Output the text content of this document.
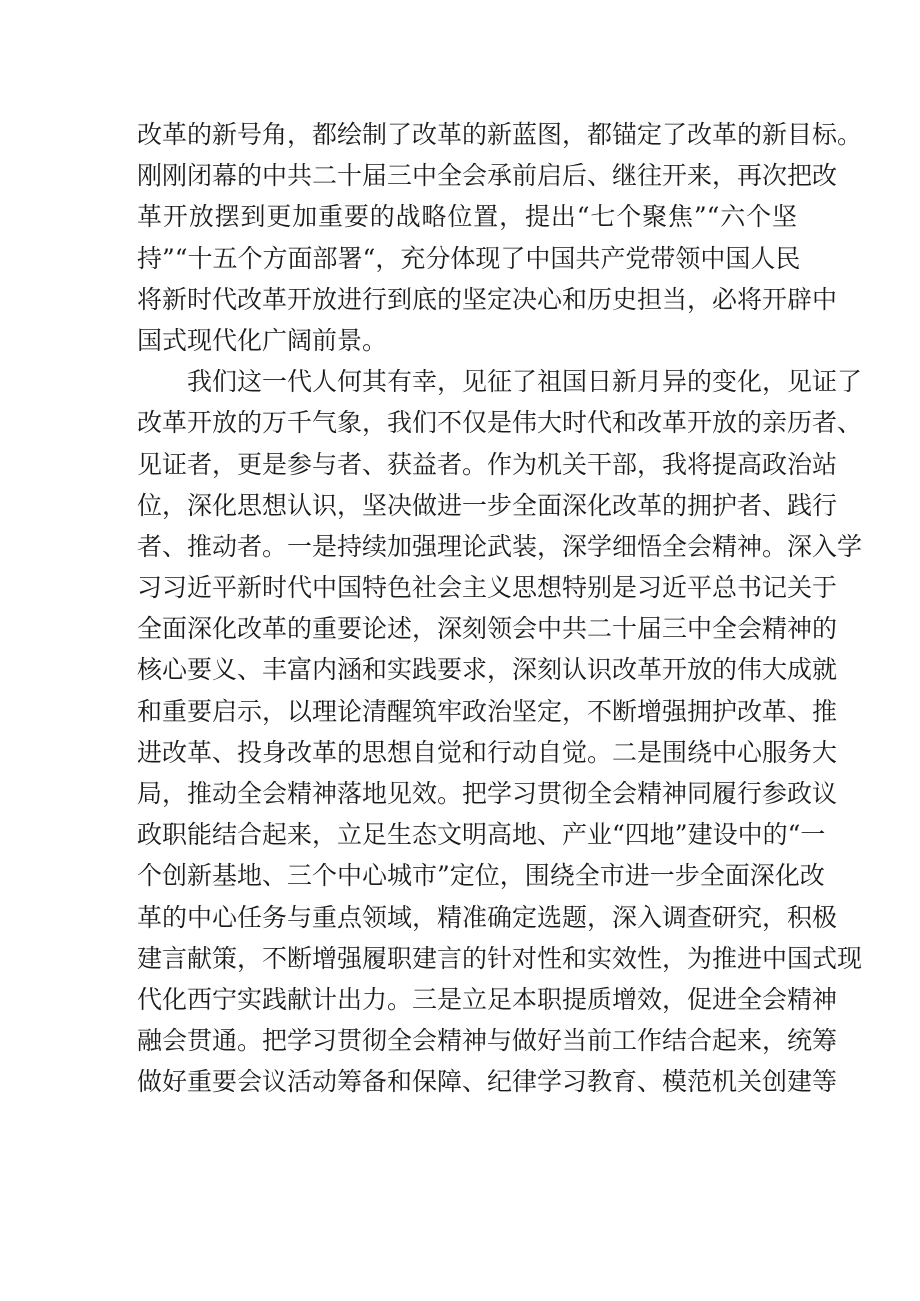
改革的新号角，都绘制了改革的新蓝图，都锚定了改革的新目标。
刚刚闭幕的中共二十届三中全会承前启后、继往开来，再次把改
革开放摆到更加重要的战略位置，提出“七个聚焦”“六个坚
持”“十五个方面部署“，充分体现了中国共产党带领中国人民
将新时代改革开放进行到底的坚定决心和历史担当，必将开辟中
国式现代化广阔前景。
我们这一代人何其有幸，见征了祖国日新月异的变化，见证了
改革开放的万千气象，我们不仅是伟大时代和改革开放的亲历者、
见证者，更是参与者、获益者。作为机关干部，我将提高政治站
位，深化思想认识，坚决做进一步全面深化改革的拥护者、践行
者、推动者。一是持续加强理论武装，深学细悟全会精神。深入学
习习近平新时代中国特色社会主义思想特别是习近平总书记关于
全面深化改革的重要论述，深刻领会中共二十届三中全会精神的
核心要义、丰富内涵和实践要求，深刻认识改革开放的伟大成就
和重要启示，以理论清醒筑牢政治坚定，不断增强拥护改革、推
进改革、投身改革的思想自觉和行动自觉。二是围绕中心服务大
局，推动全会精神落地见效。把学习贯彻全会精神同履行参政议
政职能结合起来，立足生态文明高地、产业“四地”建设中的“一
个创新基地、三个中心城市”定位，围绕全市进一步全面深化改
革的中心任务与重点领域，精准确定选题，深入调查研究，积极
建言献策，不断增强履职建言的针对性和实效性，为推进中国式现
代化西宁实践献计出力。三是立足本职提质增效，促进全会精神
融会贯通。把学习贯彻全会精神与做好当前工作结合起来，统筹
做好重要会议活动筹备和保障、纪律学习教育、模范机关创建等
